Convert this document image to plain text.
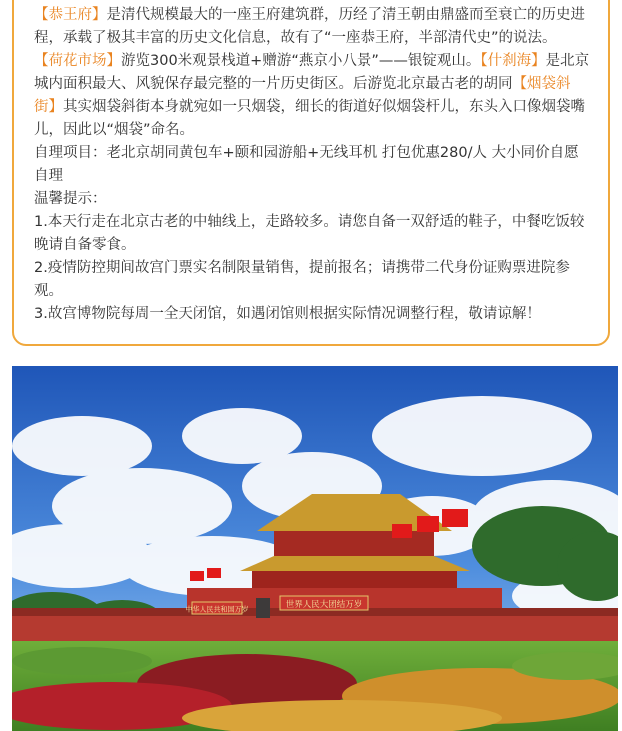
【恭王府】是清代规模最大的一座王府建筑群，历经了清王朝由鼎盛而至衰亡的历史进程，承载了极其丰富的历史文化信息，故有了“一座恭王府，半部清代史”的说法。

【荷花市场】游览300米观景栈道+赠游“燕京小八景”——银锭观山。【什刹海】是北京城内面积最大、风貌保存最完整的一片历史街区。后游览北京最古老的胡同【烟袋斜街】其实烟袋斜街本身就宛如一只烟袋，细长的街道好似烟袋杆儿，东头入口像烟袋嘴儿，因此以“烟袋”命名。

自理项目：老北京胡同黄包车+颐和园游船+无线耳机 打包优惠280/人 大小同价自愿自理

温馨提示：

1.本天行走在北京古老的中轴线上，走路较多。请您自备一双舒适的鞋子，中餐吃饭较晚请自备零食。

2.疫情防控期间故宫门票实名制限量销售，提前报名；请携带二代身份证购票进院参观。

3.故宫博物院每周一全天闭馆，如遇闭馆则根据实际情况调整行程，敬请谅解！

中华人民共和国万岁	世界人民大团结万岁
